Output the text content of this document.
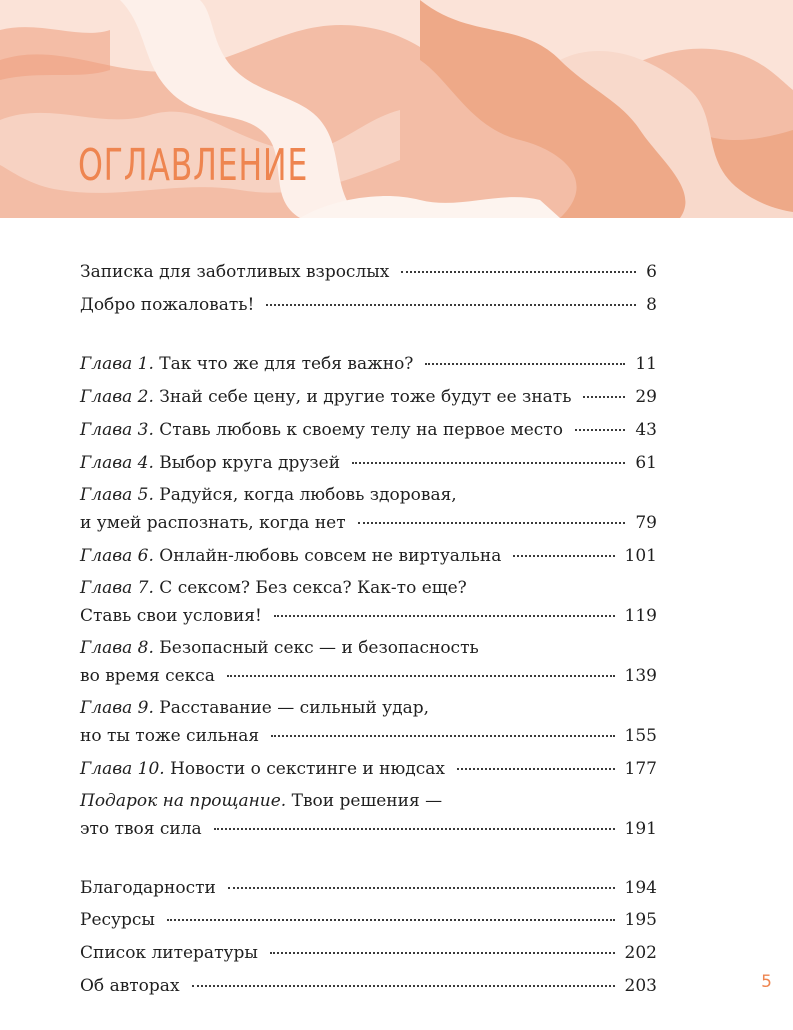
ОГЛАВЛЕНИЕ
Записка для заботливых взрослых	6
Добро пожаловать!	8
Глава 1. Так что же для тебя важно?	11
Глава 2. Знай себе цену, и другие тоже будут ее знать	29
Глава 3. Ставь любовь к своему телу на первое место	43
Глава 4. Выбор круга друзей	61
Глава 5. Радуйся, когда любовь здоровая,
и умей распознать, когда нет	79
Глава 6. Онлайн-любовь совсем не виртуальна	101
Глава 7. С сексом? Без секса? Как-то еще?
Ставь свои условия!	119
Глава 8. Безопасный секс — и безопасность
во время секса	139
Глава 9. Расставание — сильный удар,
но ты тоже сильная	155
Глава 10. Новости о секстинге и нюдсах	177
Подарок на прощание. Твои решения —
это твоя сила	191
Благодарности	194
Ресурсы	195
Список литературы	202
Об авторах	203	5
